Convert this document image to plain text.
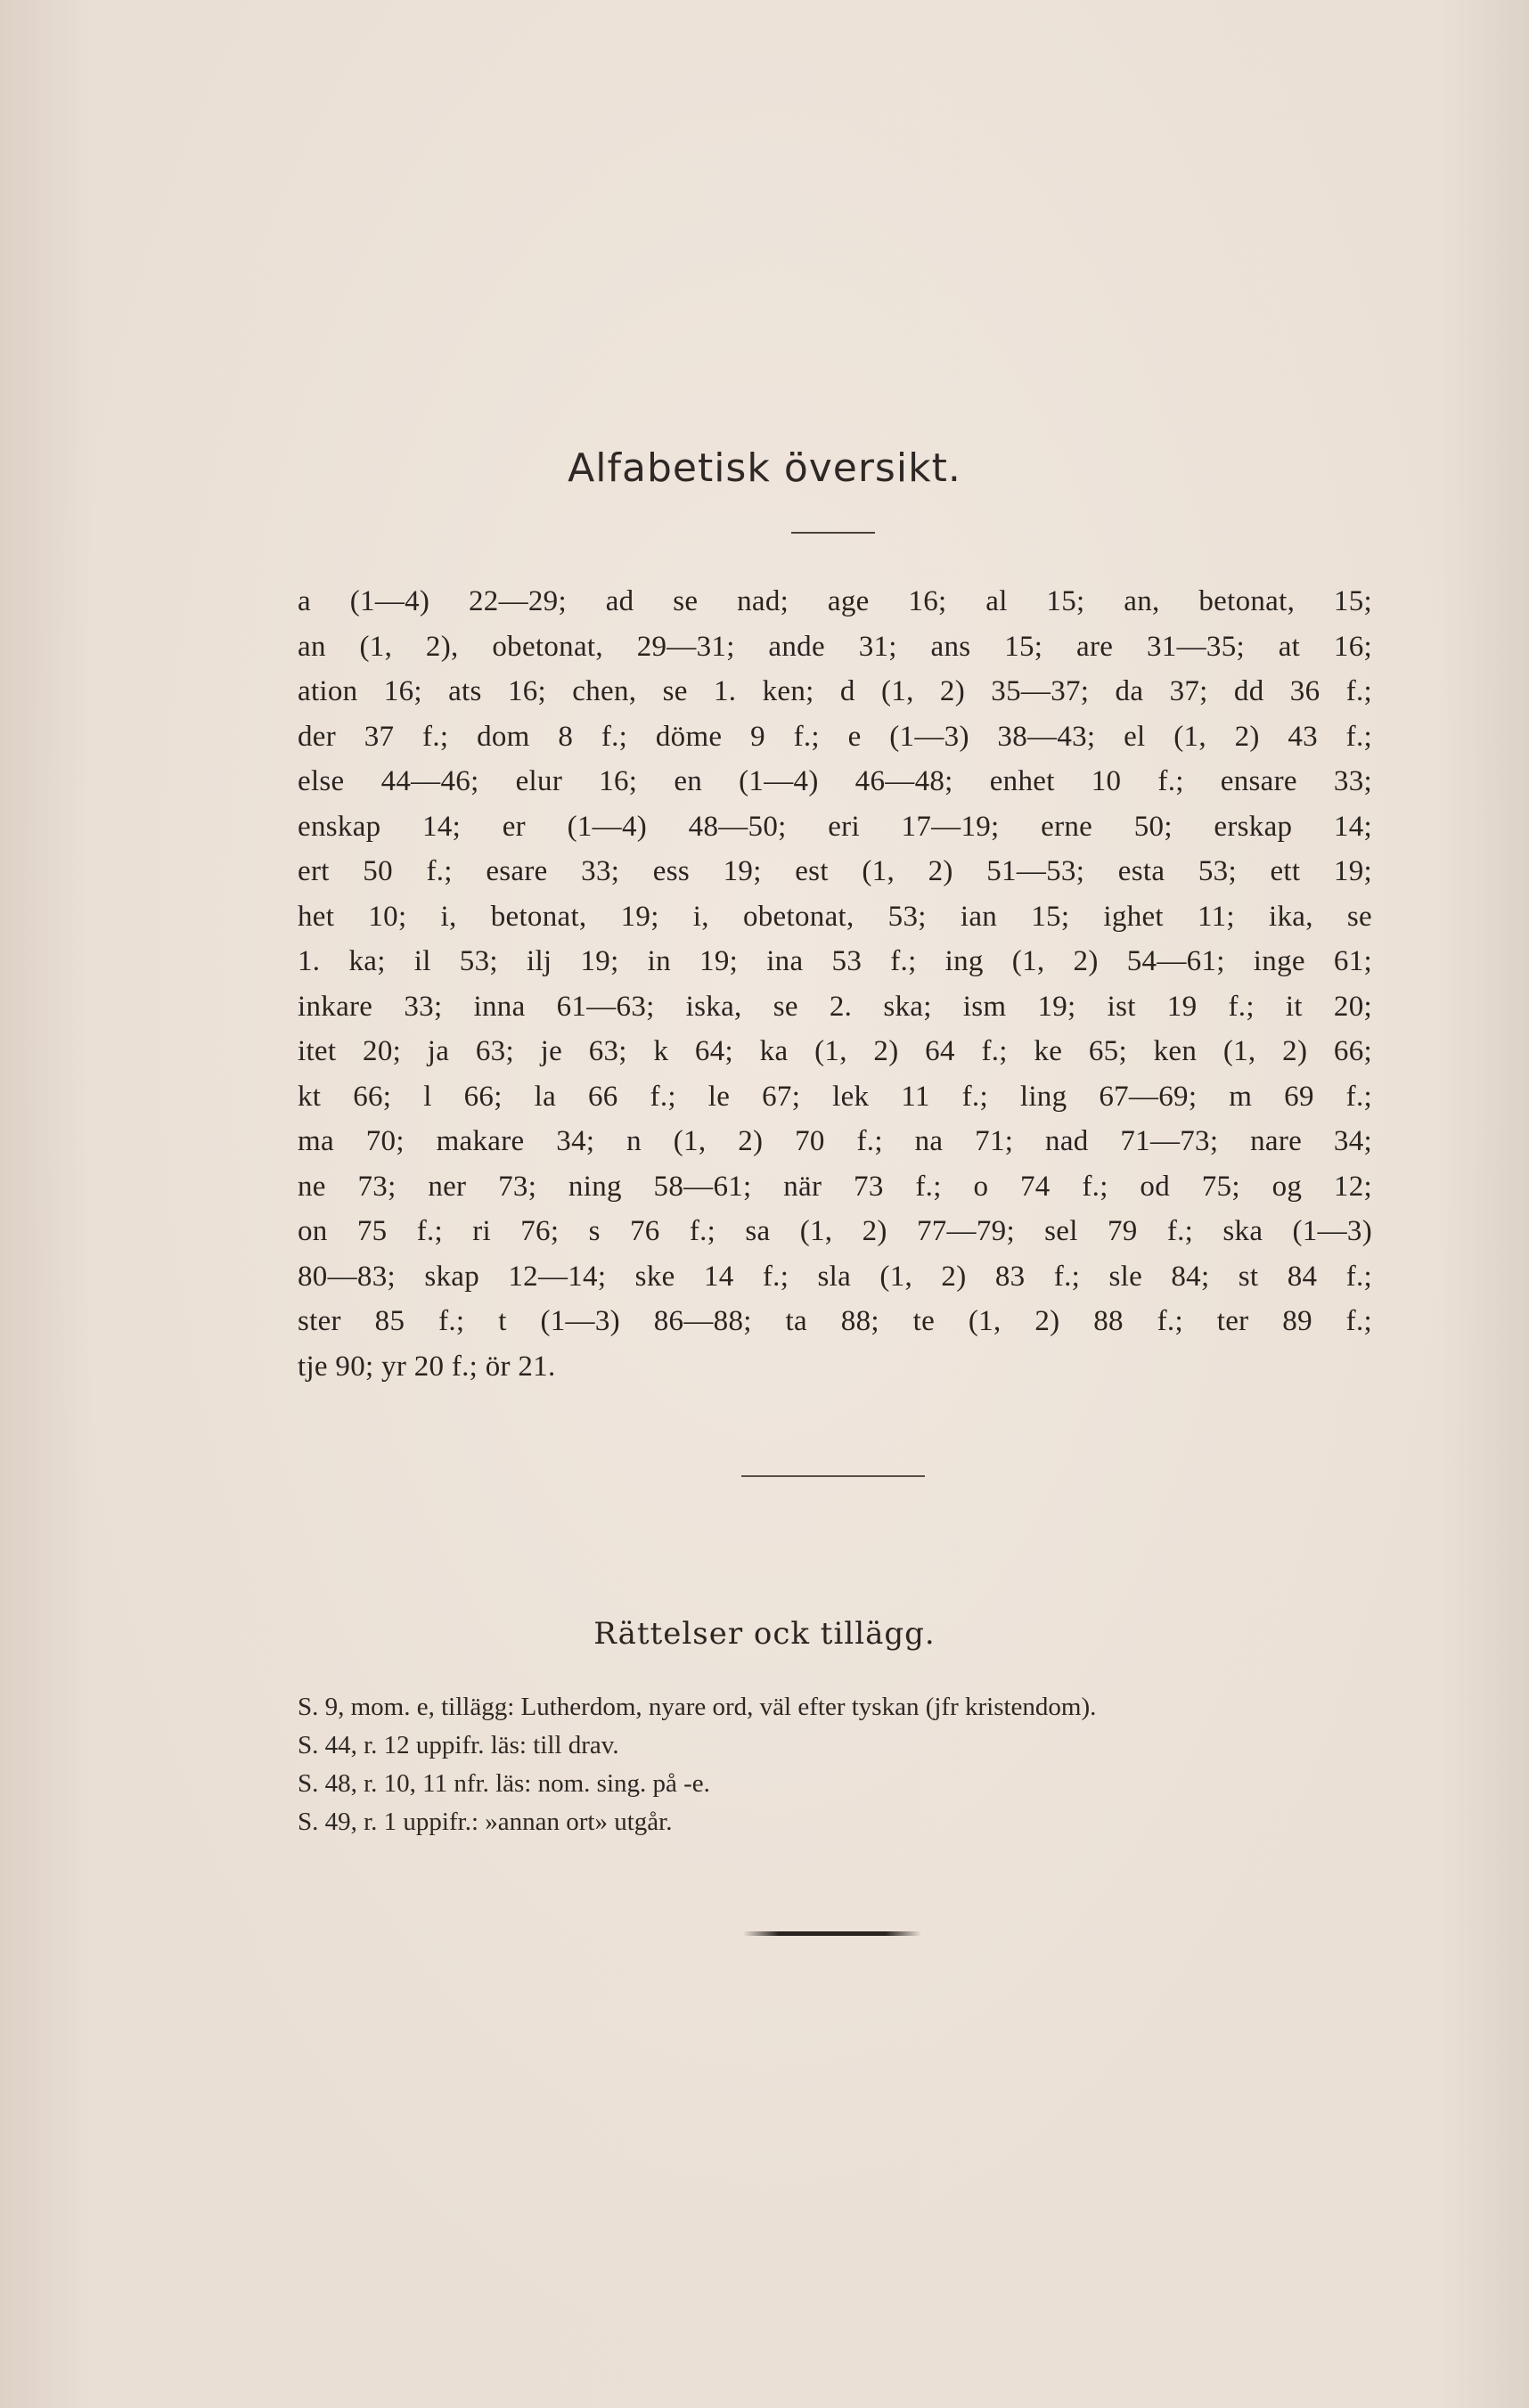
Alfabetisk översikt.
a (1—4) 22—29; ad se nad; age 16; al 15; an, betonat, 15;
an (1, 2), obetonat, 29—31; ande 31; ans 15; are 31—35; at 16;
ation 16; ats 16; chen, se 1. ken; d (1, 2) 35—37; da 37; dd 36 f.;
der 37 f.; dom 8 f.; döme 9 f.; e (1—3) 38—43; el (1, 2) 43 f.;
else 44—46; elur 16; en (1—4) 46—48; enhet 10 f.; ensare 33;
enskap 14; er (1—4) 48—50; eri 17—19; erne 50; erskap 14;
ert 50 f.; esare 33; ess 19; est (1, 2) 51—53; esta 53; ett 19;
het 10; i, betonat, 19; i, obetonat, 53; ian 15; ighet 11; ika, se
1. ka; il 53; ilj 19; in 19; ina 53 f.; ing (1, 2) 54—61; inge 61;
inkare 33; inna 61—63; iska, se 2. ska; ism 19; ist 19 f.; it 20;
itet 20; ja 63; je 63; k 64; ka (1, 2) 64 f.; ke 65; ken (1, 2) 66;
kt 66; l 66; la 66 f.; le 67; lek 11 f.; ling 67—69; m 69 f.;
ma 70; makare 34; n (1, 2) 70 f.; na 71; nad 71—73; nare 34;
ne 73; ner 73; ning 58—61; när 73 f.; o 74 f.; od 75; og 12;
on 75 f.; ri 76; s 76 f.; sa (1, 2) 77—79; sel 79 f.; ska (1—3)
80—83; skap 12—14; ske 14 f.; sla (1, 2) 83 f.; sle 84; st 84 f.;
ster 85 f.; t (1—3) 86—88; ta 88; te (1, 2) 88 f.; ter 89 f.;
tje 90; yr 20 f.; ör 21.
Rättelser ock tillägg.
S. 9, mom. e, tillägg: Lutherdom, nyare ord, väl efter tyskan (jfr kristendom).
S. 44, r. 12 uppifr. läs: till drav.
S. 48, r. 10, 11 nfr. läs: nom. sing. på -e.
S. 49, r. 1 uppifr.: »annan ort» utgår.
